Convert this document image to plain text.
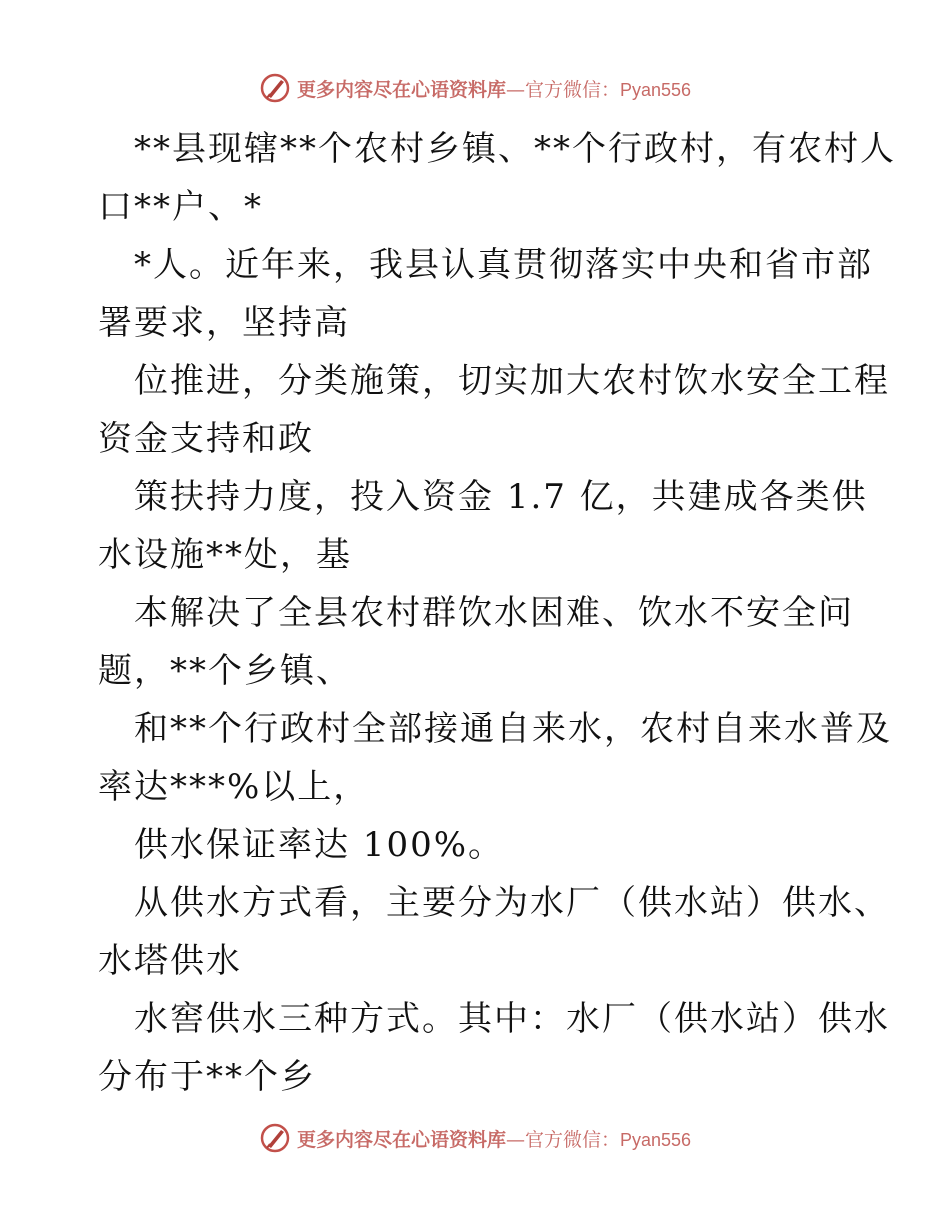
更多内容尽在心语资料库—官方微信：Pyan556
**县现辖**个农村乡镇、**个行政村，有农村人
口**户、*
*人。近年来，我县认真贯彻落实中央和省市部
署要求，坚持高
位推进，分类施策，切实加大农村饮水安全工程
资金支持和政
策扶持力度，投入资金 1.7 亿，共建成各类供
水设施**处，基
本解决了全县农村群饮水困难、饮水不安全问
题，**个乡镇、
和**个行政村全部接通自来水，农村自来水普及
率达***%以上，
供水保证率达 100%。
从供水方式看，主要分为水厂（供水站）供水、
水塔供水
水窖供水三种方式。其中：水厂（供水站）供水
分布于**个乡
更多内容尽在心语资料库—官方微信：Pyan556
